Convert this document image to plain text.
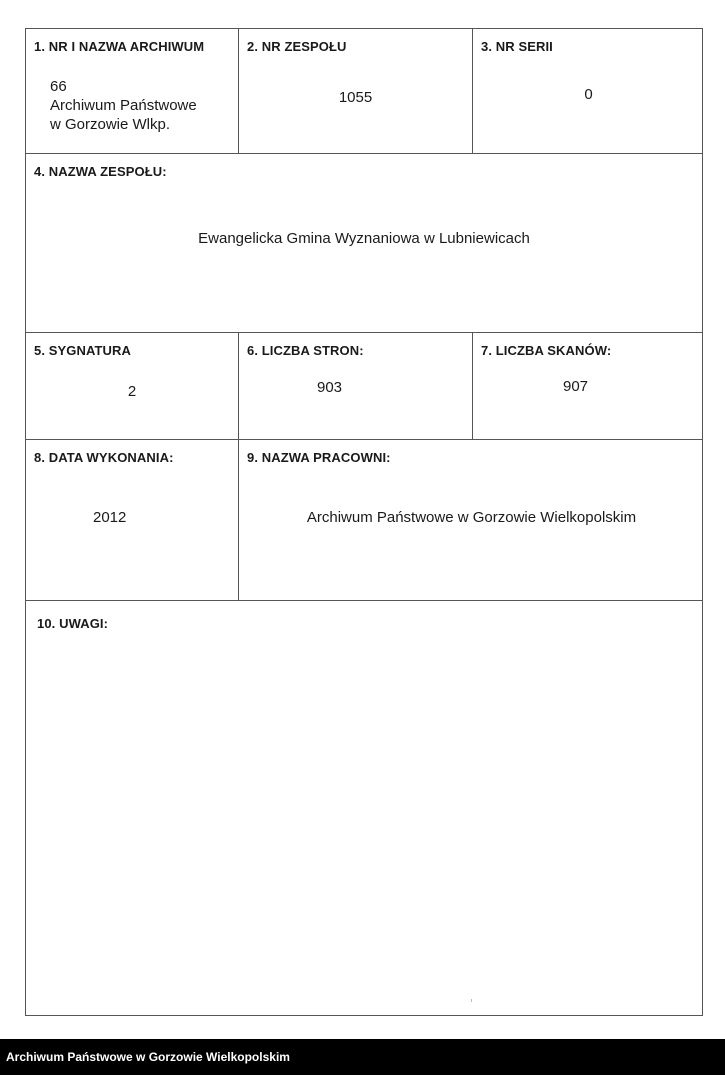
1. NR I NAZWA ARCHIWUM
66
Archiwum Państwowe
w Gorzowie Wlkp.
2. NR ZESPOŁU
1055
3. NR SERII
0
4. NAZWA ZESPOŁU:
Ewangelicka Gmina Wyznaniowa w Lubniewicach
5. SYGNATURA
2
6. LICZBA STRON:
903
7. LICZBA SKANÓW:
907
8. DATA WYKONANIA:
2012
9. NAZWA PRACOWNI:
Archiwum Państwowe w Gorzowie Wielkopolskim
10. UWAGI:
Archiwum Państwowe w Gorzowie Wielkopolskim
